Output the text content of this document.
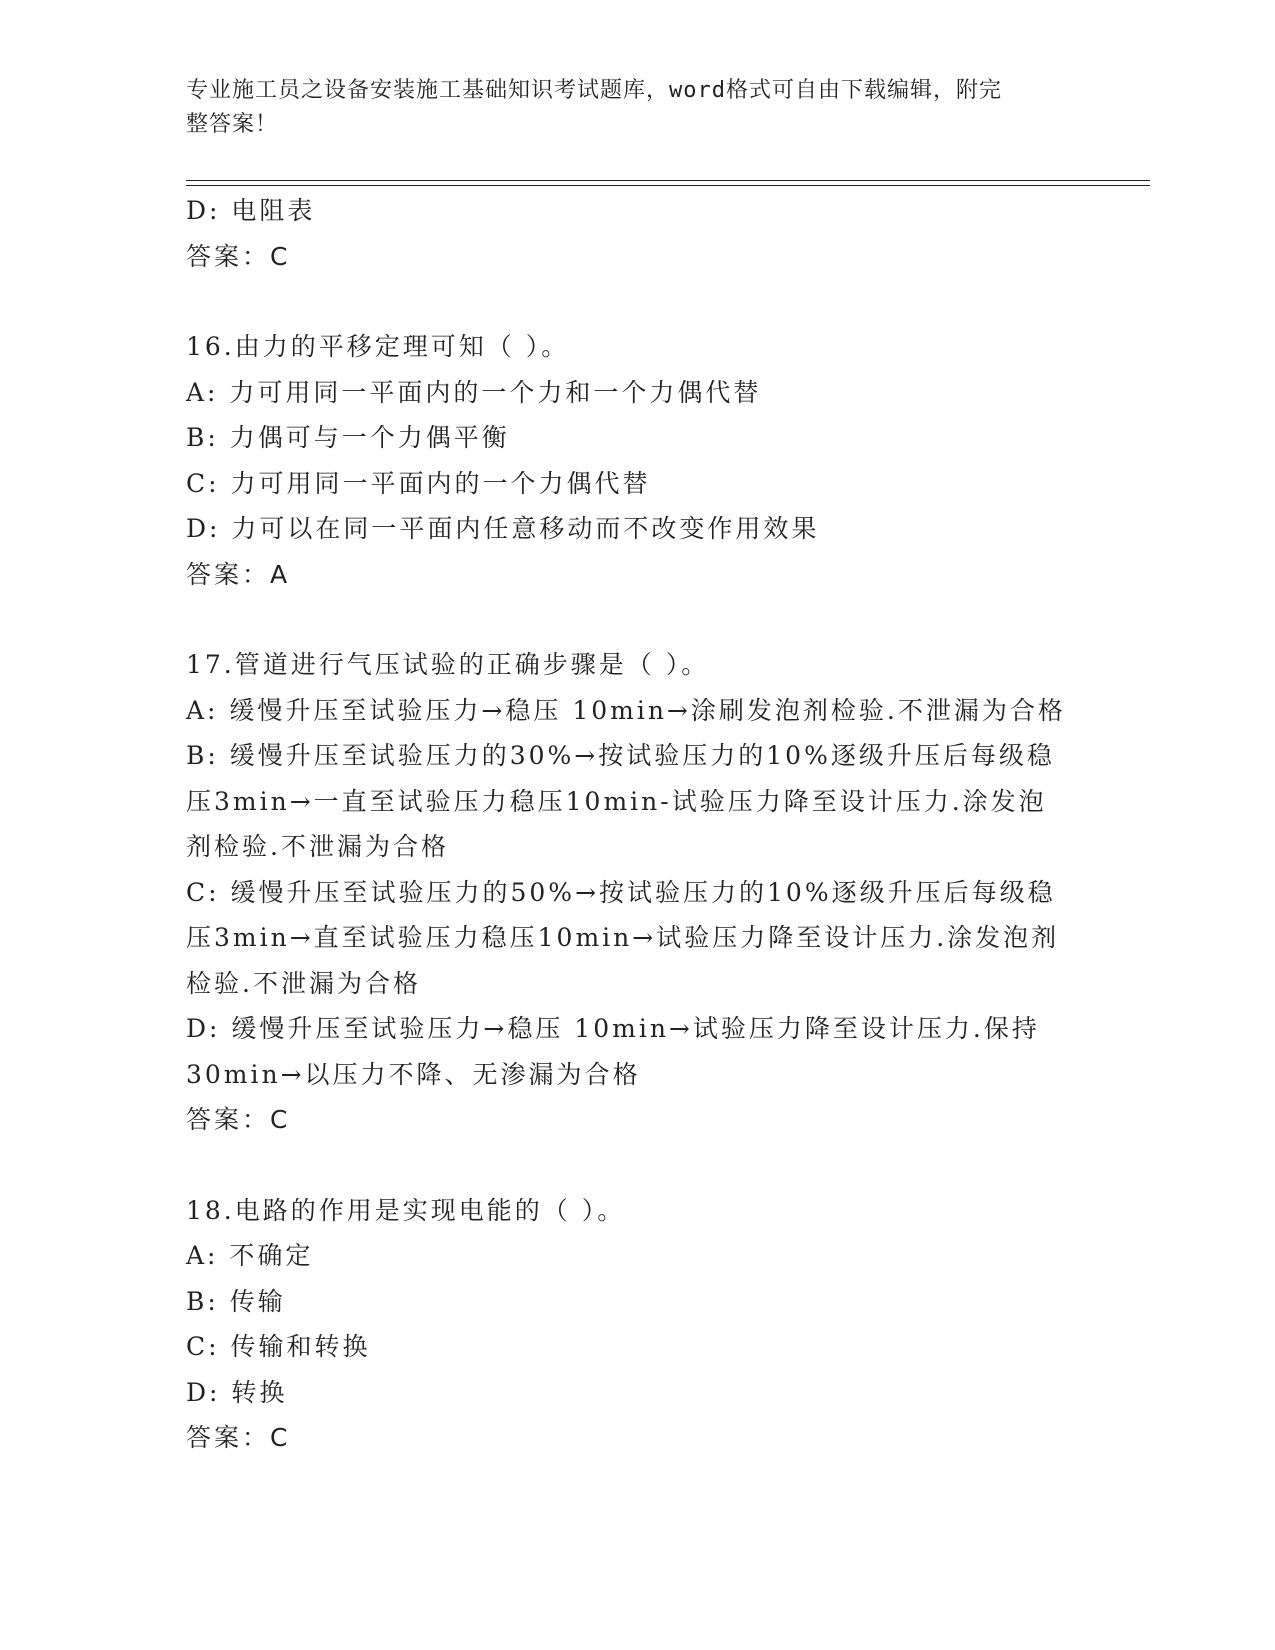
专业施工员之设备安装施工基础知识考试题库，word格式可自由下载编辑，附完
整答案！
D: 电阻表
答案：C
16.由力的平移定理可知（ ）。
A: 力可用同一平面内的一个力和一个力偶代替
B: 力偶可与一个力偶平衡
C: 力可用同一平面内的一个力偶代替
D: 力可以在同一平面内任意移动而不改变作用效果
答案：A
17.管道进行气压试验的正确步骤是（ ）。
A: 缓慢升压至试验压力→稳压 10min→涂刷发泡剂检验.不泄漏为合格
B: 缓慢升压至试验压力的30%→按试验压力的10%逐级升压后每级稳
压3min→一直至试验压力稳压10min-试验压力降至设计压力.涂发泡
剂检验.不泄漏为合格
C: 缓慢升压至试验压力的50%→按试验压力的10%逐级升压后每级稳
压3min→直至试验压力稳压10min→试验压力降至设计压力.涂发泡剂
检验.不泄漏为合格
D: 缓慢升压至试验压力→稳压 10min→试验压力降至设计压力.保持
30min→以压力不降、无渗漏为合格
答案：C
18.电路的作用是实现电能的（ ）。
A: 不确定
B: 传输
C: 传输和转换
D: 转换
答案：C
